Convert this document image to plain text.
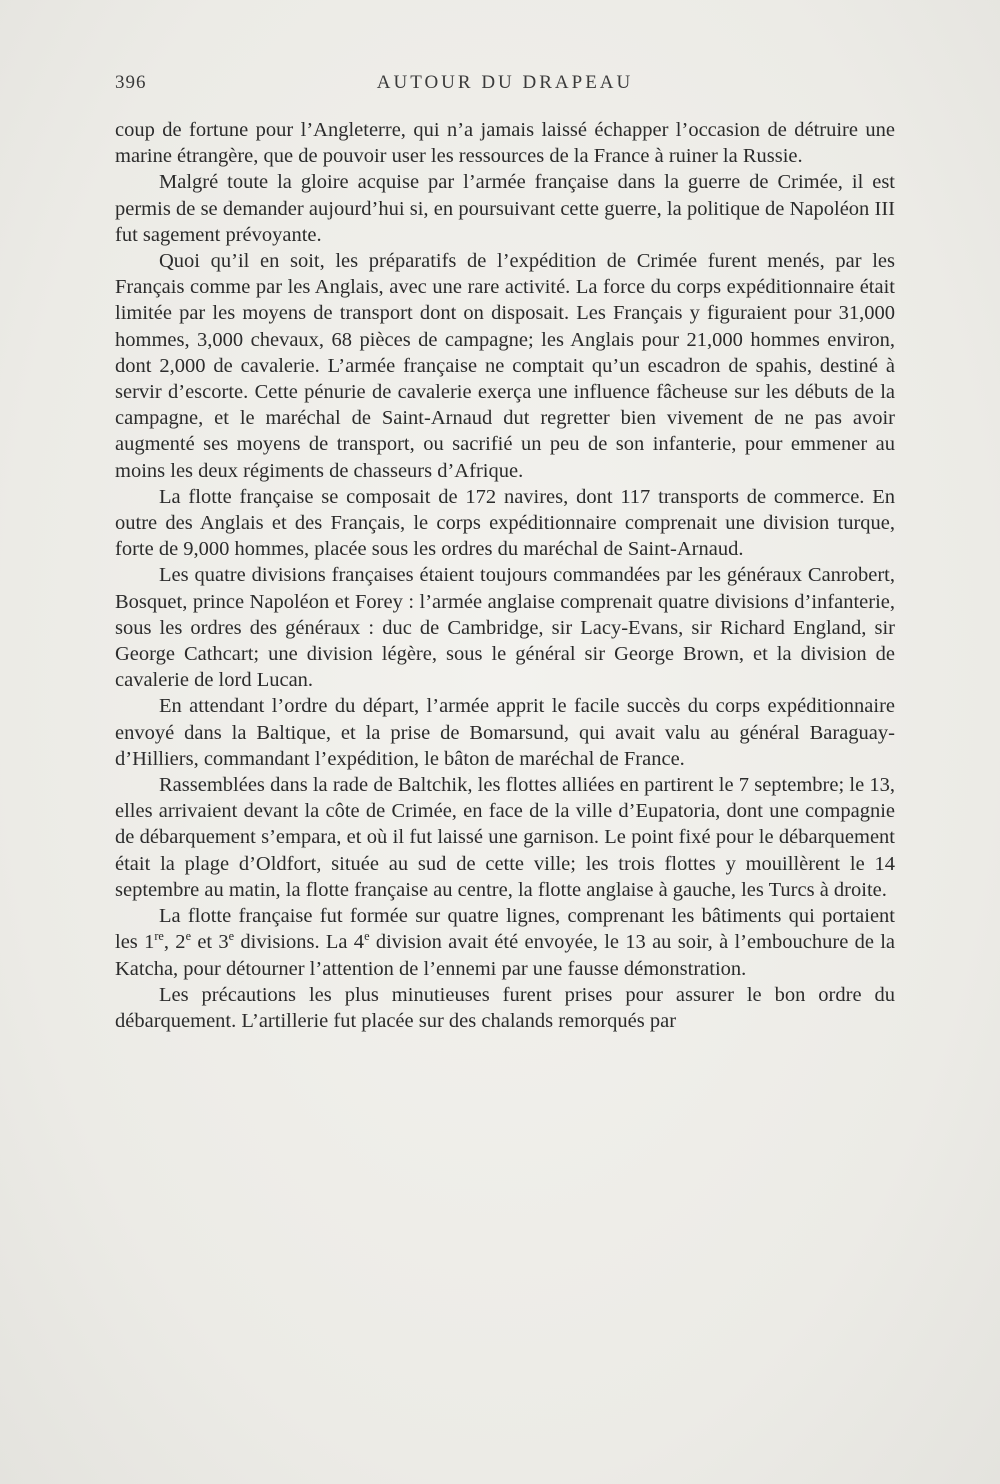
396	AUTOUR DU DRAPEAU

coup de fortune pour l’Angleterre, qui n’a jamais laissé échapper l’occasion de détruire une marine étrangère, que de pouvoir user les ressources de la France à ruiner la Russie.

Malgré toute la gloire acquise par l’armée française dans la guerre de Crimée, il est permis de se demander aujourd’hui si, en poursuivant cette guerre, la politique de Napoléon III fut sagement prévoyante.

Quoi qu’il en soit, les préparatifs de l’expédition de Crimée furent menés, par les Français comme par les Anglais, avec une rare activité. La force du corps expéditionnaire était limitée par les moyens de transport dont on disposait. Les Français y figuraient pour 31,000 hommes, 3,000 chevaux, 68 pièces de campagne; les Anglais pour 21,000 hommes environ, dont 2,000 de cavalerie. L’armée française ne comptait qu’un escadron de spahis, destiné à servir d’escorte. Cette pénurie de cavalerie exerça une influence fâcheuse sur les débuts de la campagne, et le maréchal de Saint-Arnaud dut regretter bien vivement de ne pas avoir augmenté ses moyens de transport, ou sacrifié un peu de son infanterie, pour emmener au moins les deux régiments de chasseurs d’Afrique.

La flotte française se composait de 172 navires, dont 117 transports de commerce. En outre des Anglais et des Français, le corps expéditionnaire comprenait une division turque, forte de 9,000 hommes, placée sous les ordres du maréchal de Saint-Arnaud.

Les quatre divisions françaises étaient toujours commandées par les généraux Canrobert, Bosquet, prince Napoléon et Forey : l’armée anglaise comprenait quatre divisions d’infanterie, sous les ordres des généraux : duc de Cambridge, sir Lacy-Evans, sir Richard England, sir George Cathcart; une division légère, sous le général sir George Brown, et la division de cavalerie de lord Lucan.

En attendant l’ordre du départ, l’armée apprit le facile succès du corps expéditionnaire envoyé dans la Baltique, et la prise de Bomarsund, qui avait valu au général Baraguay-d’Hilliers, commandant l’expédition, le bâton de maréchal de France.

Rassemblées dans la rade de Baltchik, les flottes alliées en partirent le 7 septembre; le 13, elles arrivaient devant la côte de Crimée, en face de la ville d’Eupatoria, dont une compagnie de débarquement s’empara, et où il fut laissé une garnison. Le point fixé pour le débarquement était la plage d’Oldfort, située au sud de cette ville; les trois flottes y mouillèrent le 14 septembre au matin, la flotte française au centre, la flotte anglaise à gauche, les Turcs à droite.

La flotte française fut formée sur quatre lignes, comprenant les bâtiments qui portaient les 1re, 2e et 3e divisions. La 4e division avait été envoyée, le 13 au soir, à l’embouchure de la Katcha, pour détourner l’attention de l’ennemi par une fausse démonstration.

Les précautions les plus minutieuses furent prises pour assurer le bon ordre du débarquement. L’artillerie fut placée sur des chalands remorqués par
